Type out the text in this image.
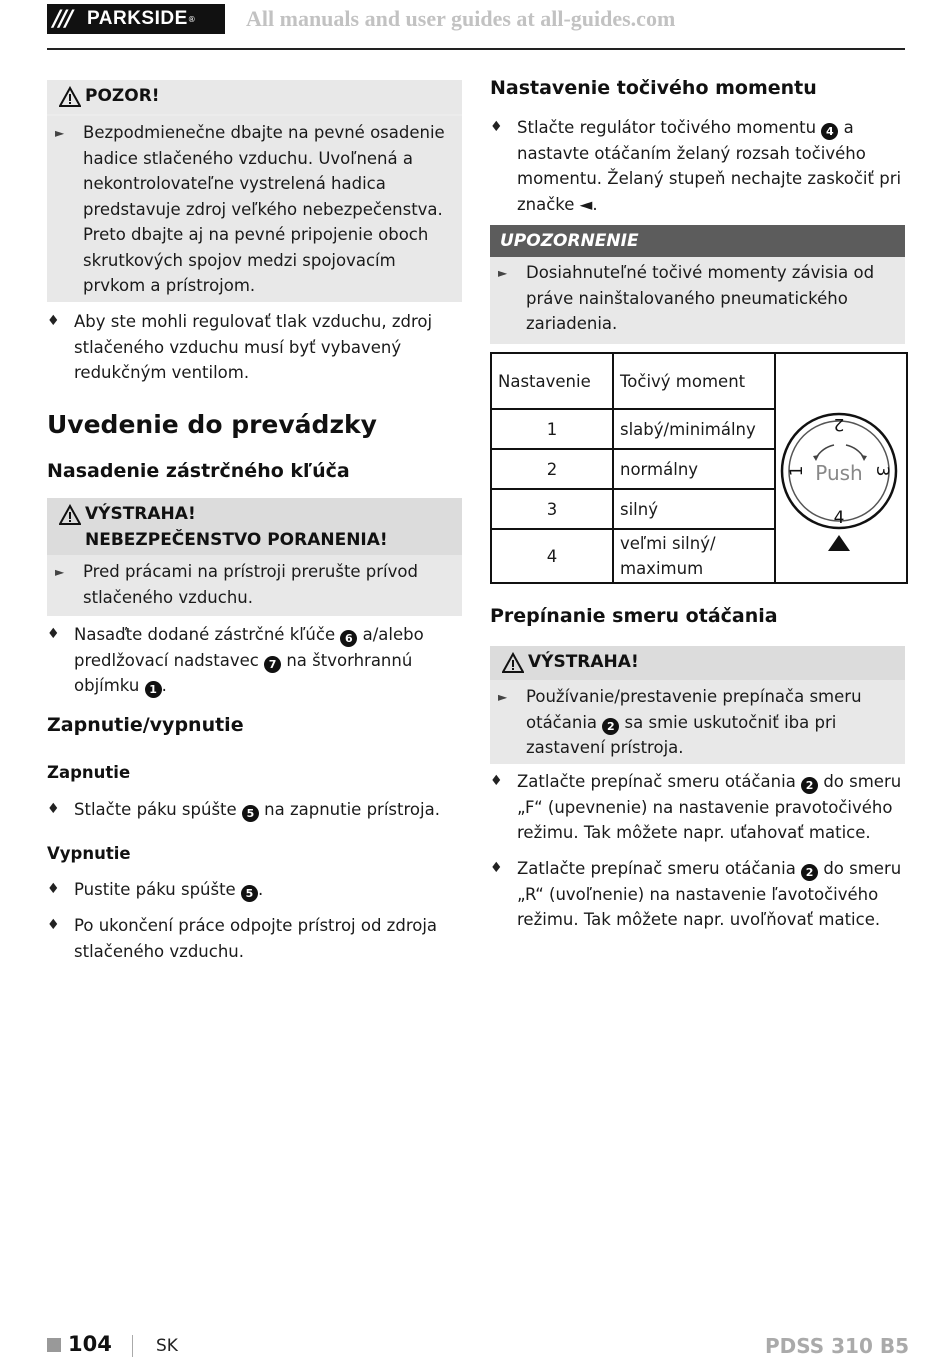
/// PARKSIDE ® All manuals and user guides at all-guides.com
POZOR!
►	Bezpodmienečne dbajte na pevné osadenie hadice stlačeného vzduchu. Uvoľnená a nekontrolovateľne vystrelená hadica predstavuje zdroj veľkého nebezpečenstva. Preto dbajte aj na pevné pripojenie oboch skrutkových spojov medzi spojovacím prvkom a prístrojom.
♦ Aby ste mohli regulovať tlak vzduchu, zdroj stlačeného vzduchu musí byť vybavený redukčným ventilom.
Uvedenie do prevádzky
Nasadenie zástrčného kľúča
VÝSTRAHA!
NEBEZPEČENSTVO PORANENIA!
►	Pred prácami na prístroji prerušte prívod stlačeného vzduchu.
♦ Nasaďte dodané zástrčné kľúče 6 a/alebo predlžovací nadstavec 7 na štvorhrannú objímku 1 .
Zapnutie/vypnutie
Zapnutie
♦ Stlačte páku spúšte 5 na zapnutie prístroja.
Vypnutie
♦ Pustite páku spúšte 5 .
♦ Po ukončení práce odpojte prístroj od zdroja stlačeného vzduchu.
Nastavenie točivého momentu
♦ Stlačte regulátor točivého momentu 4 a nastavte otáčaním želaný rozsah točivého momentu. Želaný stupeň nechajte zaskočiť pri značke ◄.
UPOZORNENIE
►	Dosiahnuteľné točivé momenty závisia od práve nainštalovaného pneumatického zariadenia.
Nastavenie	Točivý moment	Push
2
1 3
4

1	slabý/minimálny	
2	normálny	
3	silný	
4	veľmi silný/
maximum	
Prepínanie smeru otáčania
VÝSTRAHA!
►	Používanie/prestavenie prepínača smeru otáčania 2 sa smie uskutočniť iba pri zastavení prístroja.
♦ Zatlačte prepínač smeru otáčania 2 do smeru „F“ (upevnenie) na nastavenie pravotočivého režimu. Tak môžete napr. uťahovať matice.
♦ Zatlačte prepínač smeru otáčania 2 do smeru „R“ (uvoľnenie) na nastavenie ľavotočivého režimu. Tak môžete napr. uvoľňovať matice.
104	SK	PDSS 310 B5
